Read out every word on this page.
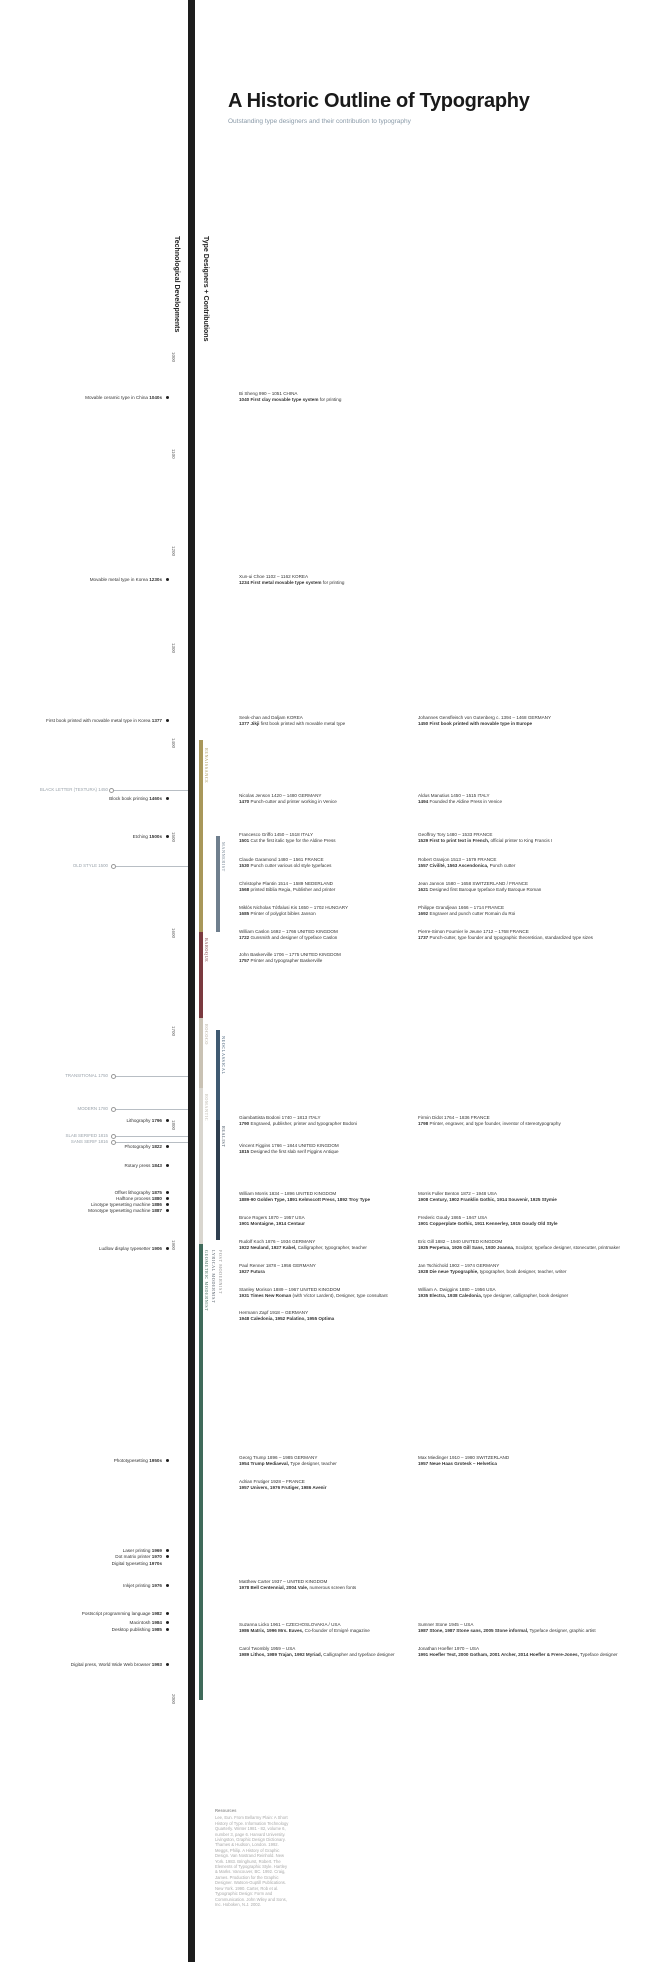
A Historic Outline of Typography
Outstanding type designers and their contribution to typography
Technological Developments	Type Designers + Contributions
1000
1100
1200
1300
1400
1500
1600
1700
1800
1900
2000
Movable ceramic type in China 1040s
Movable metal type in Korea 1230s
First book printed with movable metal type in Korea 1377
Block book printing 1460s
Etching 1500s
Lithography 1796
Photography 1822
Rotary press 1843
Offset lithography 1875
Halftone process 1880
Linotype typesetting machine 1886
Monotype typesetting machine 1887
Ludlow display typesetter 1906
Phototypesetting 1950s
Laser printing 1969
Dot matrix printer 1970
Digital typesetting 1970s
Inkjet printing 1976
Postscript programming language 1982
Macintosh 1984
Desktop publishing 1985
Digital press, World Wide Web browser 1993
BLACK LETTER (TEXTURA) 1450
OLD STYLE 1500
TRANSITIONAL 1750
MODERN 1780
SLAB SERIFED 1815
SANS SERIF 1816
RENAISSANCE
MANNERIST
BAROQUE
ROCOCO
NEOCLASSICAL
ROMANTIC
REALIST
GEOMETRIC MODERNIST LYRICAL MODERNIST POST MODERNIST
Bi Sheng 990 – 1051 CHINA
1040 First clay movable type system for printing
Xun-ui Choe 1102 – 1162 KOREA
1234 First metal movable type system for printing
Seok-chan and Daljam KOREA
1377 Jikji first book printed with movable metal type
Nicolas Jenson 1420 – 1480 GERMANY
1470 Punch-cutter and printer working in Venice
Francesco Griffo 1450 – 1518 ITALY
1501 Cut the first italic type for the Aldine Press
Claude Garamond 1480 – 1561 FRANCE
1530 Punch cutter various old style typefaces
Christophe Plantin 1514 – 1589 NEDERLAND
1568 printed Biblia Regia, Publisher and printer
Miklós Nicholas Tótfalusi Kis 1650 – 1702 HUNGARY
1685 Printer of polyglot bibles Janson
William Caslon 1692 – 1766 UNITED KINGDOM
1722 Gunsmith and designer of typeface Caslon
John Baskerville 1706 – 1775 UNITED KINGDOM
1757 Printer and typographer Baskerville
Giambattista Bodoni 1740 – 1813 ITALY
1790 Engraved, publisher, printer and typographer Bodoni
Vincent Figgins 1766 – 1844 UNITED KINGDOM
1815 Designed the first slab serif Figgins Antique
William Morris 1834 – 1896 UNITED KINGDOM
1889-90 Golden Type, 1891 Kelmscott Press, 1892 Troy Type
Bruce Rogers 1870 – 1957 USA
1901 Montaigne, 1914 Centaur
Rudolf Koch 1876 – 1934 GERMANY
1922 Neuland, 1927 Kabel, Calligrapher, typographer, teacher
Paul Renner 1878 – 1956 GERMANY
1927 Futura
Stanley Morison 1889 – 1967 UNITED KINGDOM
1931 Times New Roman (with Victor Lardent), Designer, type consultant
Hermann Zapf 1918 – GERMANY
1948 Caledonia, 1952 Palatino, 1955 Optima
Georg Trump 1896 – 1985 GERMANY
1954 Trump Mediaeval, Type designer, teacher
Adrian Frutiger 1928 – FRANCE
1957 Univers, 1976 Frutiger, 1986 Avenir
Matthew Carter 1937 – UNITED KINGDOM
1978 Bell Centennial, 2004 Vale, numerous screen fonts
Suzanna Licko 1961 – CZECHOSLOVAKIA / USA
1986 Matrix, 1996 Mrs. Eaves, Co-founder of Emigré magazine
Carol Twombly 1959 – USA
1989 Lithos, 1989 Trajan, 1992 Myriad, Calligrapher and typeface designer
Johannes Gensfleisch von Gutenberg c. 1394 – 1468 GERMANY
1450 First book printed with movable type in Europe
Aldus Manutius 1450 – 1515 ITALY
1494 Founded the Aldine Press in Venice
Geoffroy Tory 1480 – 1533 FRANCE
1529 First to print text in French, official printer to King Francis I
Robert Granjon 1513 – 1579 FRANCE
1557 Civilité, 1563 Ascendonica, Punch cutter
Jean Jannon 1580 – 1658 SWITZERLAND / FRANCE
1621 Designed first Baroque typeface Early Baroque Roman
Philippe Grandjean 1666 – 1714 FRANCE
1692 Engraver and punch cutter Romain du Roi
Pierre-Simon Fournier le Jeune 1712 – 1768 FRANCE
1737 Punch-cutter, type founder and typographic theoretician, standardized type sizes
Firmin Didot 1764 – 1836 FRANCE
1798 Printer, engraver, and type founder, inventor of stereotypography
Morris Fuller Benton 1872 – 1948 USA
1908 Century, 1902 Franklin Gothic, 1914 Souvenir, 1925 Stymie
Frederic Goudy 1865 – 1947 USA
1901 Copperplate Gothic, 1911 Kennerley, 1915 Goudy Old Style
Eric Gill 1882 – 1940 UNITED KINGDOM
1925 Perpetua, 1926 Gill Sans, 1930 Joanna, Sculptor, typeface designer, stonecutter, printmaker
Jan Tschichold 1902 – 1974 GERMANY
1928 Die neue Typographie, typographer, book designer, teacher, writer
William A. Dwiggins 1880 – 1956 USA
1935 Electra, 1938 Caledonia, type designer, calligrapher, book designer
Max Miedinger 1910 – 1980 SWITZERLAND
1957 Neue Haas Grotesk – Helvetica
Sumner Stone 1945 – USA
1987 Stone, 1987 Stone sans, 2005 Stone informal, Typeface designer, graphic artist
Jonathan Hoefler 1970 – USA
1991 Hoefler Text, 2000 Gotham, 2001 Archer, 2014 Hoefler & Frere-Jones, Typeface designer
Resources
Lee, Eun. From Bellarmy Plain: A Short History of Type. Information Technology Quarterly. Winter 1981 - 82, volume 6, number 3, page 6. Harvard University. Livingston, Graphic Design Dictionary. Thames & Hudson, London. 1992. Meggs, Philip. A History of Graphic Design. Van Nostrand Reinhold. New York. 1983. Bringhurst, Robert. The Elements of Typographic Style. Hartley & Marks. Vancouver, BC. 1992. Craig, James. Production for the Graphic Designer. Watson-Guptill Publications. New York. 1990. Carter, Rob et al. Typographic Design: Form and Communication. John Wiley and Sons, Inc. Hoboken, N.J. 2002.
